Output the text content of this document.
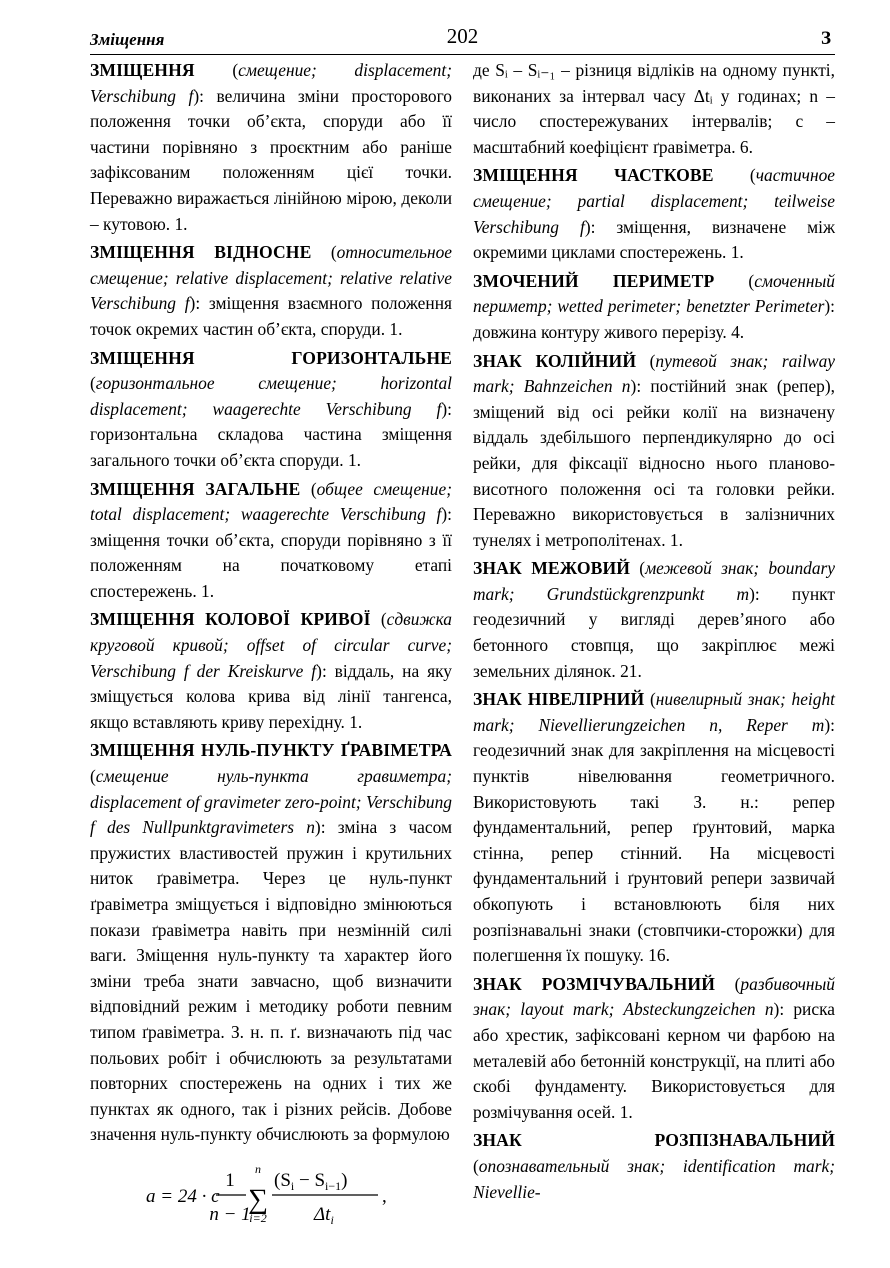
Зміщення	202	З

ЗМІЩЕННЯ (смещение; displacement; Verschibung f): величина зміни просторового положення точки об’єкта, споруди або її частини порівняно з проєктним або раніше зафіксованим положенням цієї точки. Переважно виражається лінійною мірою, деколи – кутовою. 1.

ЗМІЩЕННЯ ВІДНОСНЕ (относительное смещение; relative displacement; relative relative Verschibung f): зміщення взаємного положення точок окремих частин об’єкта, споруди. 1.

ЗМІЩЕННЯ ГОРИЗОНТАЛЬНЕ (горизонтальное смещение; horizontal displacement; waagerechte Verschibung f): горизонтальна складова частина зміщення загального точки об’єкта споруди. 1.

ЗМІЩЕННЯ ЗАГАЛЬНЕ (общее смещение; total displacement; waagerechte Verschibung f): зміщення точки об’єкта, споруди порівняно з її положенням на початковому етапі спостережень. 1.

ЗМІЩЕННЯ КОЛОВОЇ КРИВОЇ (сдвижка круговой кривой; offset of circular curve; Verschibung f der Kreiskurve f): віддаль, на яку зміщується колова крива від лінії тангенса, якщо вставляють криву перехідну. 1.

ЗМІЩЕННЯ НУЛЬ-ПУНКТУ ҐРАВІМЕТРА (смещение нуль-пункта гравиметра; displacement of gravimeter zero-point; Verschibung f des Nullpunktgravimeters n): зміна з часом пружистих властивостей пружин і крутильних ниток ґравіметра. Через це нуль-пункт ґравіметра зміщується і відповідно змінюються покази ґравіметра навіть при незмінній силі ваги. Зміщення нуль-пункту та характер його зміни треба знати завчасно, щоб визначити відповідний режим і методику роботи певним типом ґравіметра. З. н. п. ґ. визначають під час польових робіт і обчислюють за результатами повторних спостережень на одних і тих же пунктах як одного, так і різних рейсів. Добове значення нуль-пункту обчислюють за формулою

a = 24 · c
1
n − 1
n
∑
i=2
$(S_i - S_{i-1})$
$\Delta t_i$
,

де Sᵢ – Sᵢ₋₁ – різниця відліків на одному пункті, виконаних за інтервал часу Δtᵢ у годинах; n – число спостережуваних інтервалів; c – масштабний коефіцієнт ґравіметра. 6.

ЗМІЩЕННЯ ЧАСТКОВЕ (частичное смещение; partial displacement; teilweise Verschibung f): зміщення, визначене між окремими циклами спостережень. 1.

ЗМОЧЕНИЙ ПЕРИМЕТР (смоченный периметр; wetted perimeter; benetzter Perimeter): довжина контуру живого перерізу. 4.

ЗНАК КОЛІЙНИЙ (путевой знак; railway mark; Bahnzeichen n): постійний знак (репер), зміщений від осі рейки колії на визначену віддаль здебільшого перпендикулярно до осі рейки, для фіксації відносно нього планово-висотного положення осі та головки рейки. Переважно використовується в залізничних тунелях і метрополітенах. 1.

ЗНАК МЕЖОВИЙ (межевой знак; boundary mark; Grundstückgrenzpunkt m): пункт геодезичний у вигляді дерев’яного або бетонного стовпця, що закріплює межі земельних ділянок. 21.

ЗНАК НІВЕЛІРНИЙ (нивелирный знак; height mark; Nievellierungzeichen n, Reper m): геодезичний знак для закріплення на місцевості пунктів нівелювання геометричного. Використовують такі З. н.: репер фундаментальний, репер ґрунтовий, марка стінна, репер стінний. На місцевості фундаментальний і ґрунтовий репери зазвичай обкопують і встановлюють біля них розпізнавальні знаки (стовпчики-сторожки) для полегшення їх пошуку. 16.

ЗНАК РОЗМІЧУВАЛЬНИЙ (разбивочный знак; layout mark; Absteckungzeichen n): риска або хрестик, зафіксовані керном чи фарбою на металевій або бетонній конструкції, на плиті або скобі фундаменту. Використовується для розмічування осей. 1.

ЗНАК РОЗПІЗНАВАЛЬНИЙ (опознавательный знак; identification mark; Nievellie-
